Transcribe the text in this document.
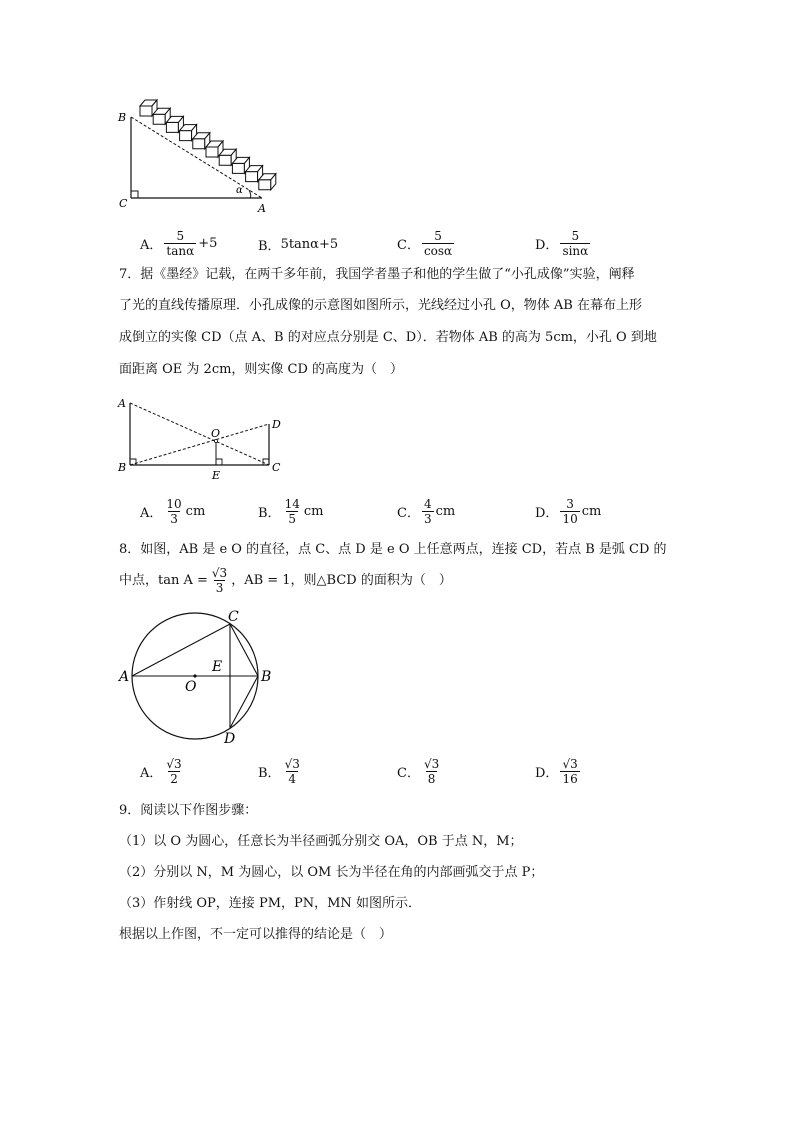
B
C	A
α
A． $\frac{5}{\tan\alpha} +5$	B． 5tanα+5	C． $\frac{5}{\cos\alpha}$	D． $\frac{5}{\sin\alpha}$
7．据《墨经》记载，在两千多年前，我国学者墨子和他的学生做了“小孔成像”实验，阐释
了光的直线传播原理．小孔成像的示意图如图所示，光线经过小孔 O，物体 AB 在幕布上形
成倒立的实像 CD（点 A、B 的对应点分别是 C、D）．若物体 AB 的高为 5cm，小孔 O 到地
面距离 OE 为 2cm，则实像 CD 的高度为（　）
A
B
O
E
D
C
A． $\frac{10}{3}$ cm	B． $\frac{14}{5}$ cm	C． $\frac{4}{3}$ cm	D． $\frac{3}{10}$ cm
8．如图，AB 是 e O 的直径，点 C、点 D 是 e O 上任意两点，连接 CD，若点 B 是弧 CD 的
中点，$\tan A = \frac{√3}{3}$ ，AB = 1，则△BCD 的面积为（　）
A	B
C
D
E
O
A． $\frac{√3}{2}$	B． $\frac{√3}{4}$	C． $\frac{√3}{8}$	D． $\frac{√3}{16}$
9．阅读以下作图步骤：
（1）以 O 为圆心，任意长为半径画弧分别交 OA，OB 于点 N，M；
（2）分别以 N，M 为圆心，以 OM 长为半径在角的内部画弧交于点 P；
（3）作射线 OP，连接 PM，PN，MN 如图所示．
根据以上作图，不一定可以推得的结论是（　）
